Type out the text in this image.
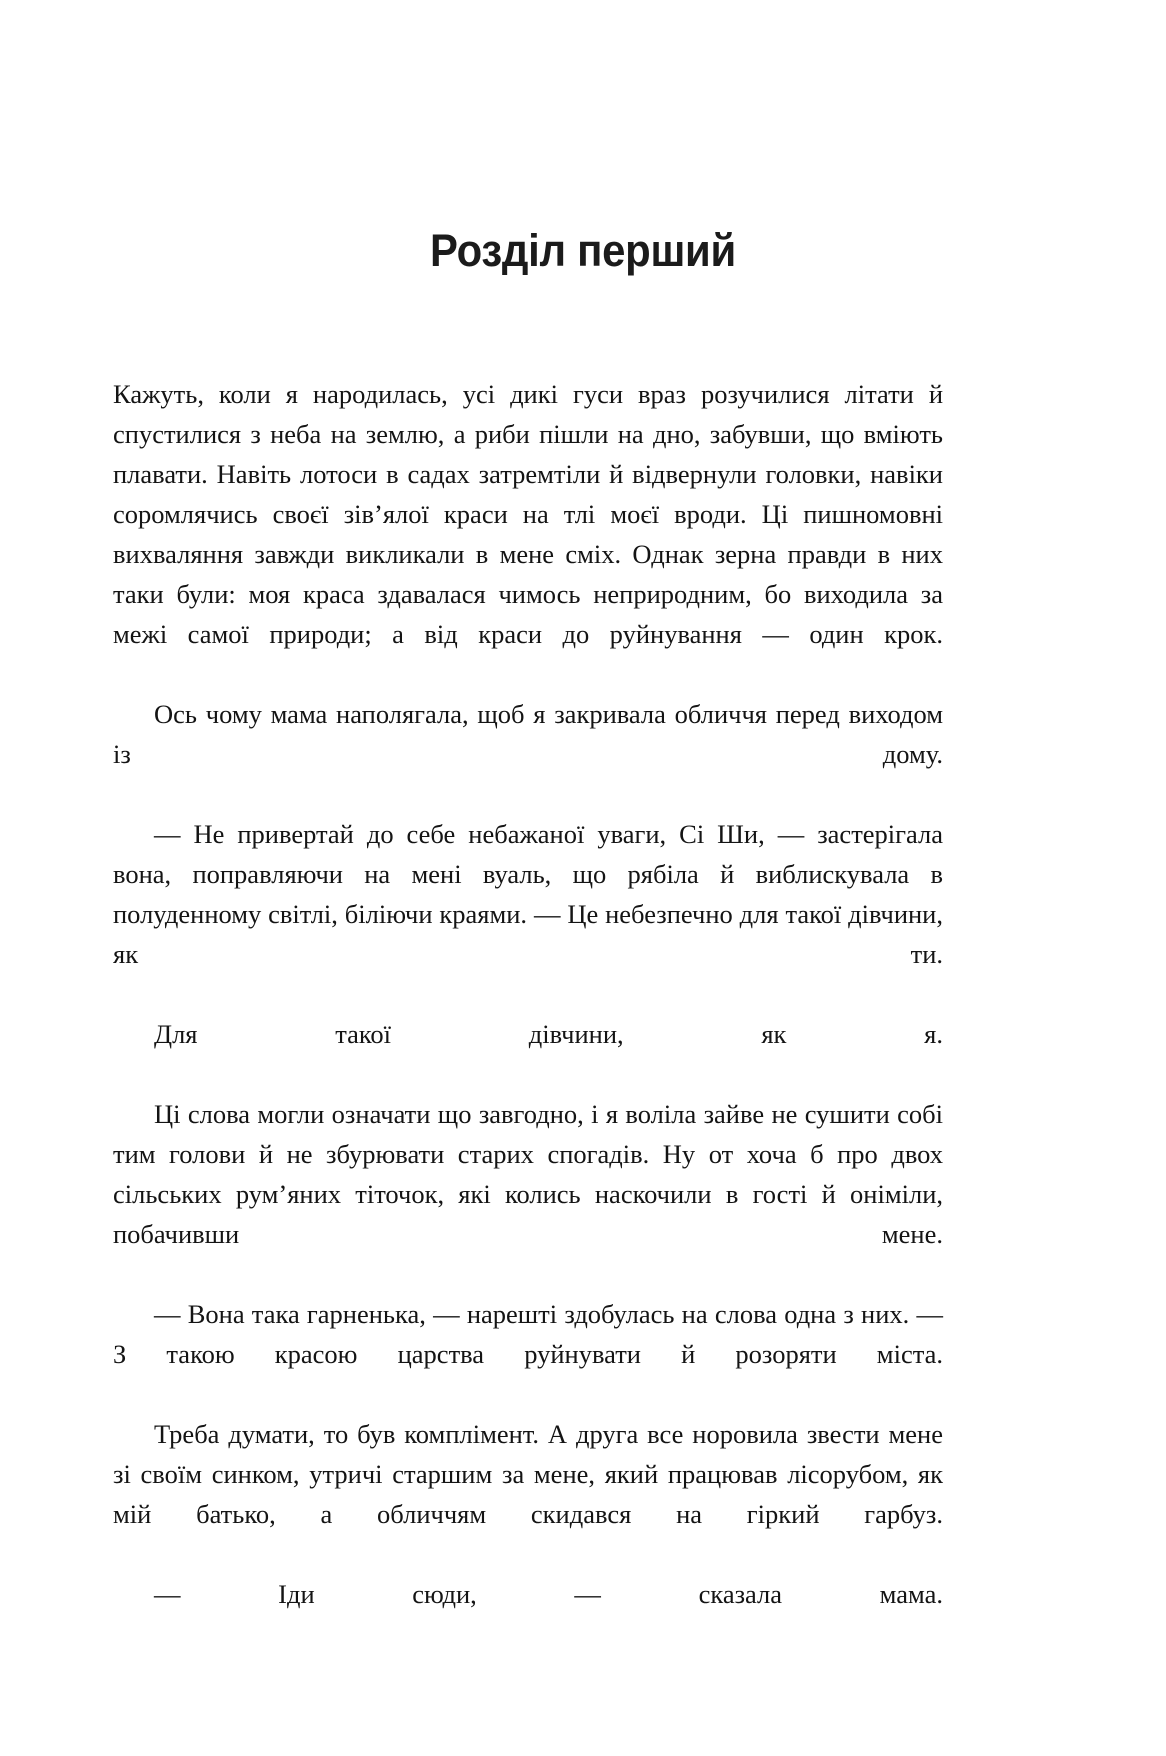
Розділ перший

Кажуть, коли я народилась, усі дикі гуси враз розучилися літати й спустилися з неба на землю, а риби пішли на дно, забувши, що вміють плавати. Навіть лотоси в садах затремтіли й відвернули головки, навіки соромлячись своєї зів’ялої краси на тлі моєї вроди. Ці пишномовні вихваляння завжди викликали в мене сміх. Однак зерна правди в них таки були: моя краса здавалася чимось неприродним, бо виходила за межі самої природи; а від краси до руйнування — один крок.

Ось чому мама наполягала, щоб я закривала обличчя перед виходом із дому.

— Не привертай до себе небажаної уваги, Сі Ши, — застерігала вона, поправляючи на мені вуаль, що рябіла й виблискувала в полуденному світлі, біліючи краями. — Це небезпечно для такої дівчини, як ти.

Для такої дівчини, як я.

Ці слова могли означати що завгодно, і я воліла зайве не сушити собі тим голови й не збурювати старих спогадів. Ну от хоча б про двох сільських рум’яних тіточок, які колись наскочили в гості й оніміли, побачивши мене.

— Вона така гарненька, — нарешті здобулась на слова одна з них. — З такою красою царства руйнувати й розоряти міста.

Треба думати, то був комплімент. А друга все норовила звести мене зі своїм синком, утричі старшим за мене, який працював лісорубом, як мій батько, а обличчям скидався на гіркий гарбуз.

— Іди сюди, — сказала мама.
